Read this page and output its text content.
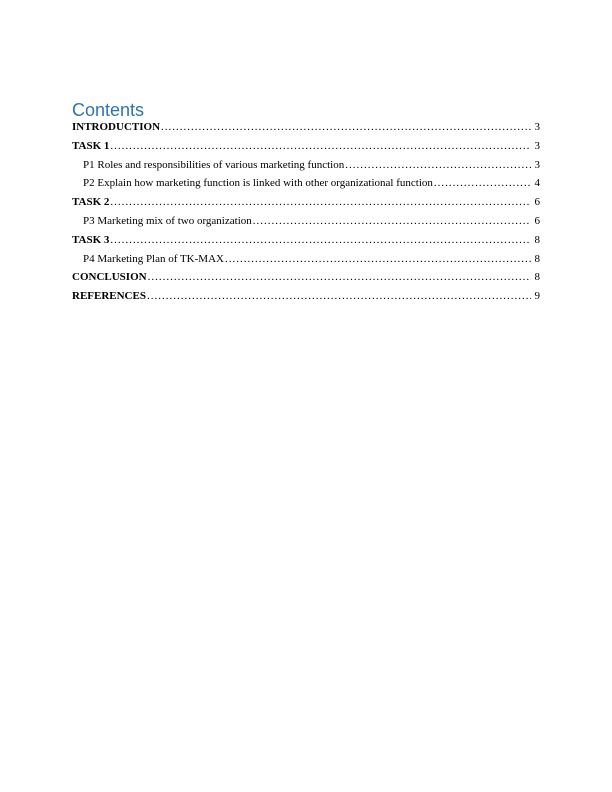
Contents
INTRODUCTION .....	3
TASK 1 .....	3
P1 Roles and responsibilities of various marketing function .....	3
P2 Explain how marketing function is linked with other organizational function .....	4
TASK 2 .....	6
P3 Marketing mix of two organization .....	6
TASK 3 .....	8
P4 Marketing Plan of TK-MAX .....	8
CONCLUSION .....	8
REFERENCES .....	9
